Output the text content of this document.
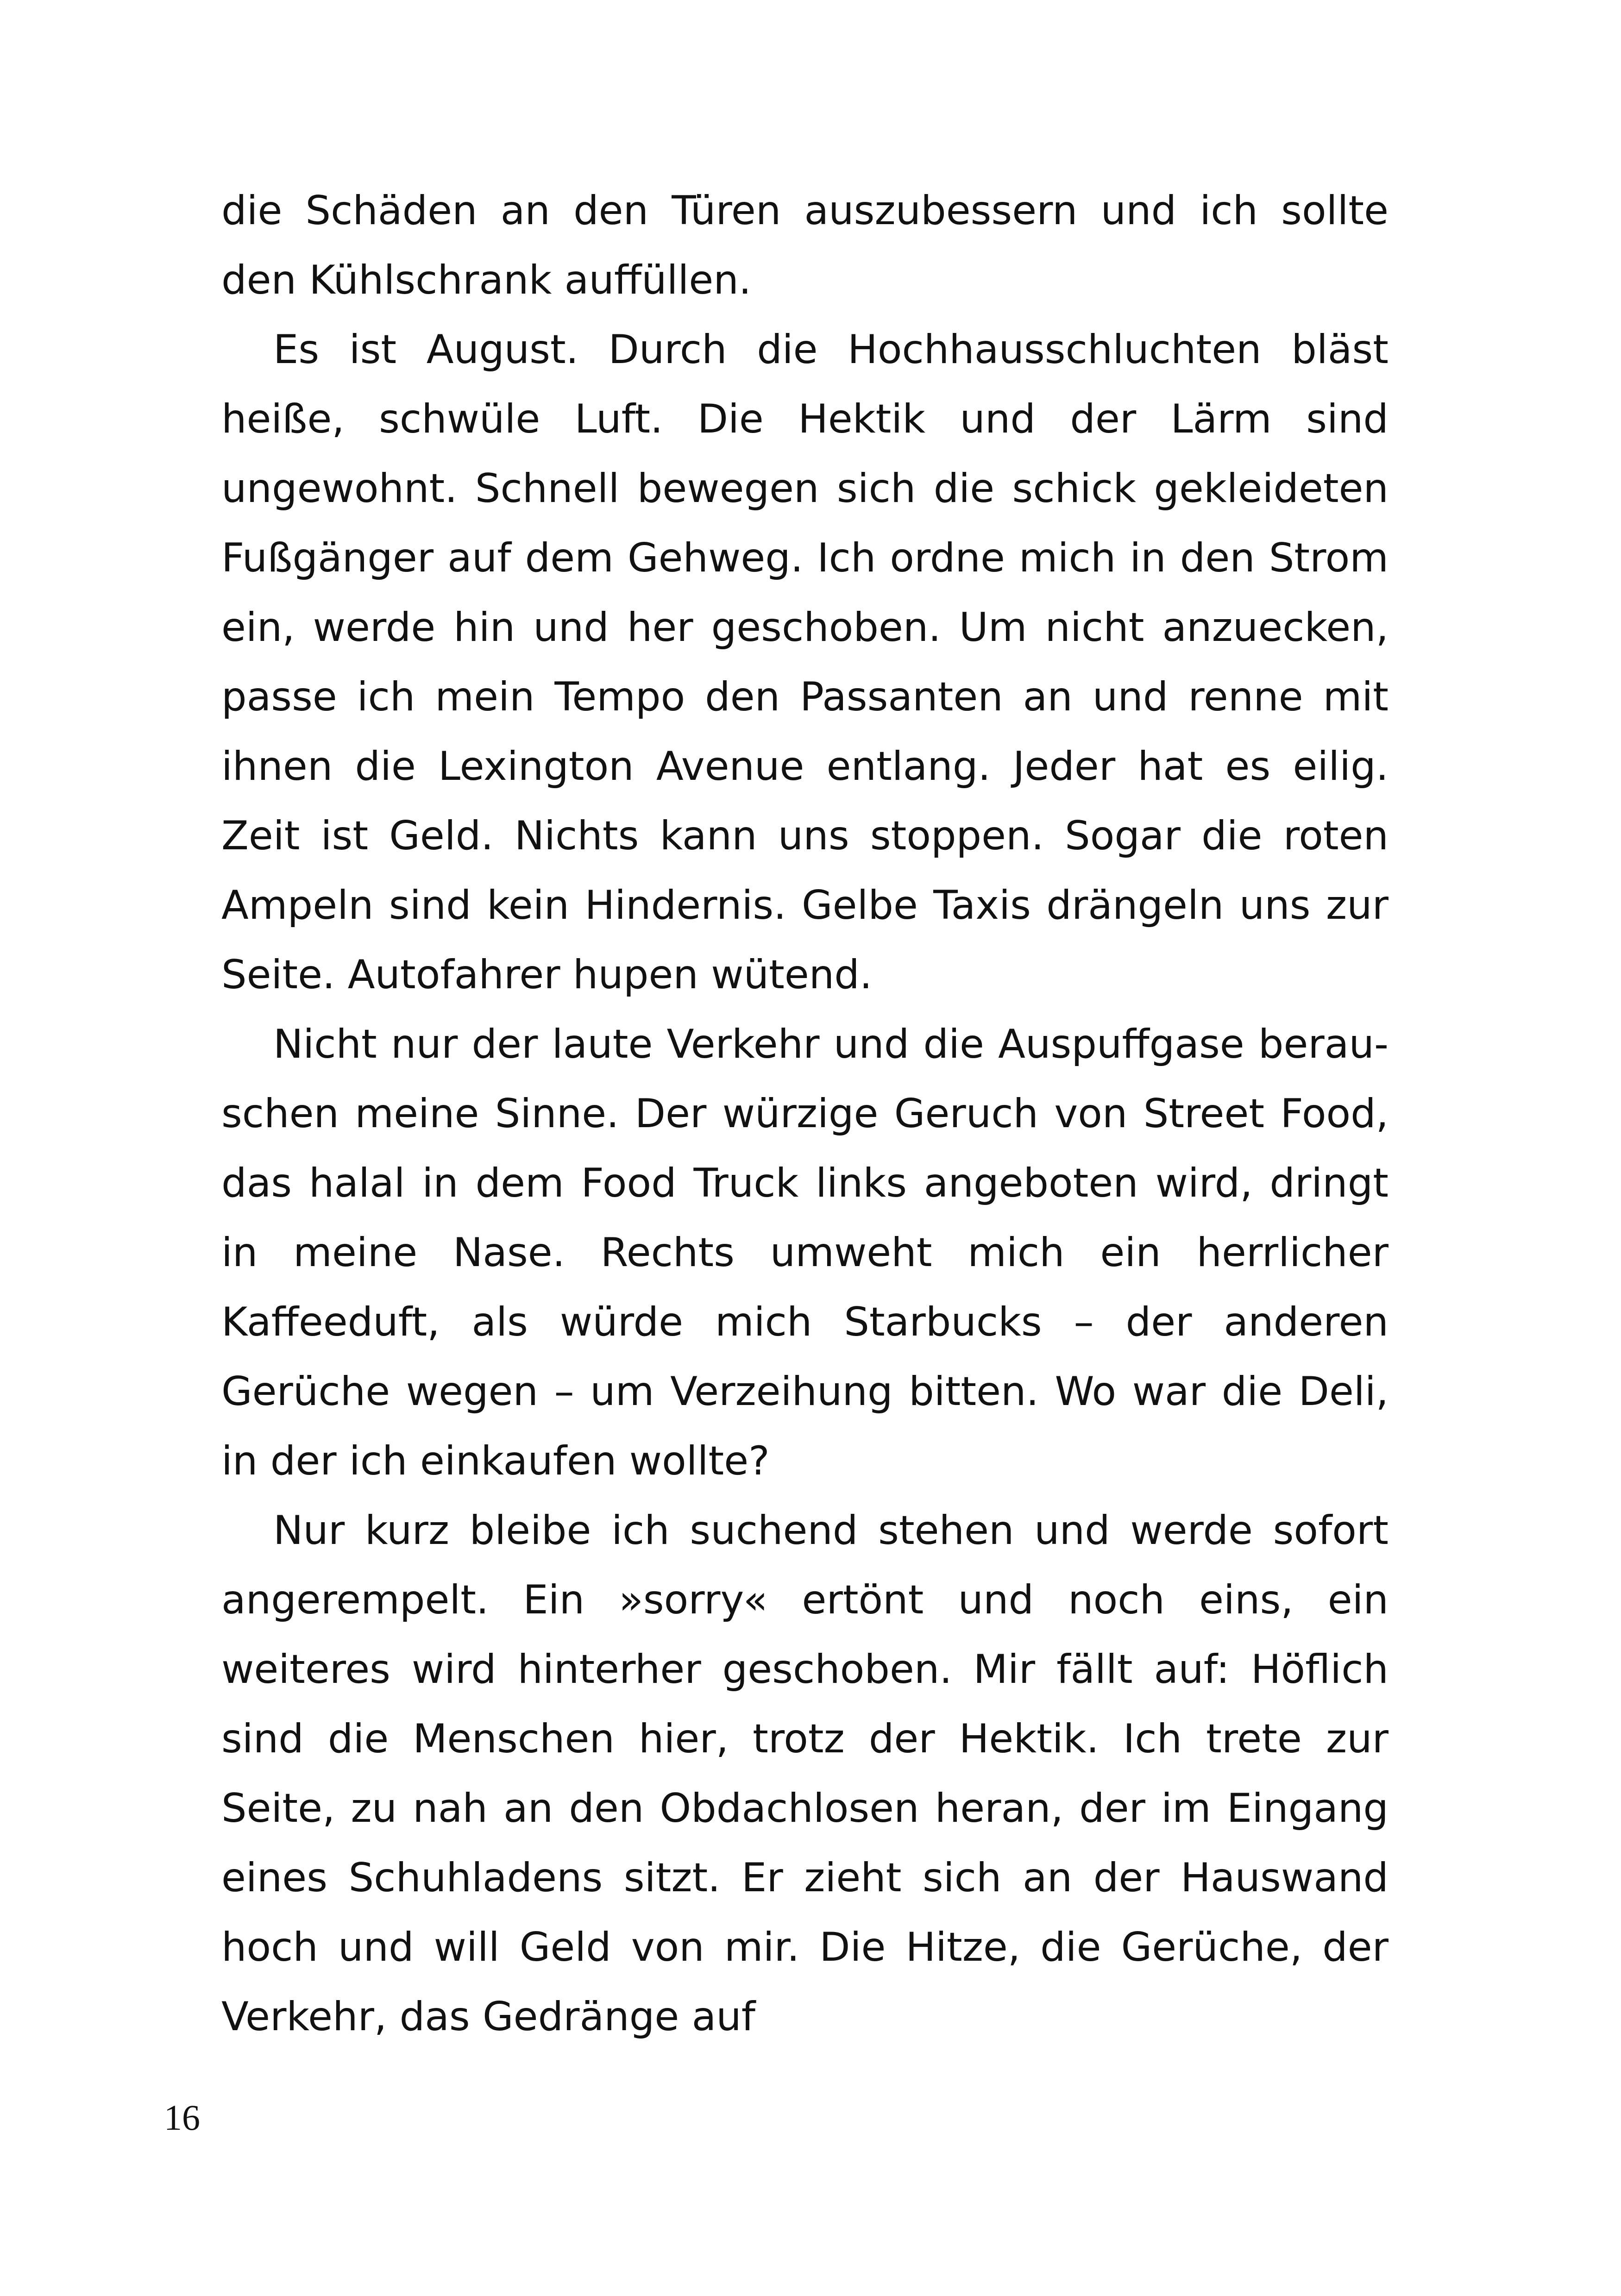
die Schäden an den Türen auszubessern und ich sollte den Kühlschrank auffüllen.

Es ist August. Durch die Hochhausschluchten bläst heiße, schwüle Luft. Die Hektik und der Lärm sind ungewohnt. Schnell bewegen sich die schick gekleideten Fußgänger auf dem Gehweg. Ich ordne mich in den Strom ein, werde hin und her geschoben. Um nicht anzuecken, passe ich mein Tempo den Passanten an und renne mit ihnen die Lexington Avenue entlang. Jeder hat es eilig. Zeit ist Geld. Nichts kann uns stoppen. Sogar die roten Ampeln sind kein Hindernis. Gelbe Taxis drängeln uns zur Seite. Autofahrer hupen wütend.

Nicht nur der laute Verkehr und die Auspuffgase berauschen meine Sinne. Der würzige Geruch von Street Food, das halal in dem Food Truck links angeboten wird, dringt in meine Nase. Rechts umweht mich ein herrlicher Kaffeeduft, als würde mich Starbucks – der anderen Gerüche wegen – um Verzeihung bitten. Wo war die Deli, in der ich einkaufen wollte?

Nur kurz bleibe ich suchend stehen und werde sofort angerempelt. Ein »sorry« ertönt und noch eins, ein weiteres wird hinterher geschoben. Mir fällt auf: Höflich sind die Menschen hier, trotz der Hektik. Ich trete zur Seite, zu nah an den Obdachlosen heran, der im Eingang eines Schuhladens sitzt. Er zieht sich an der Hauswand hoch und will Geld von mir. Die Hitze, die Gerüche, der Verkehr, das Gedränge auf

16
